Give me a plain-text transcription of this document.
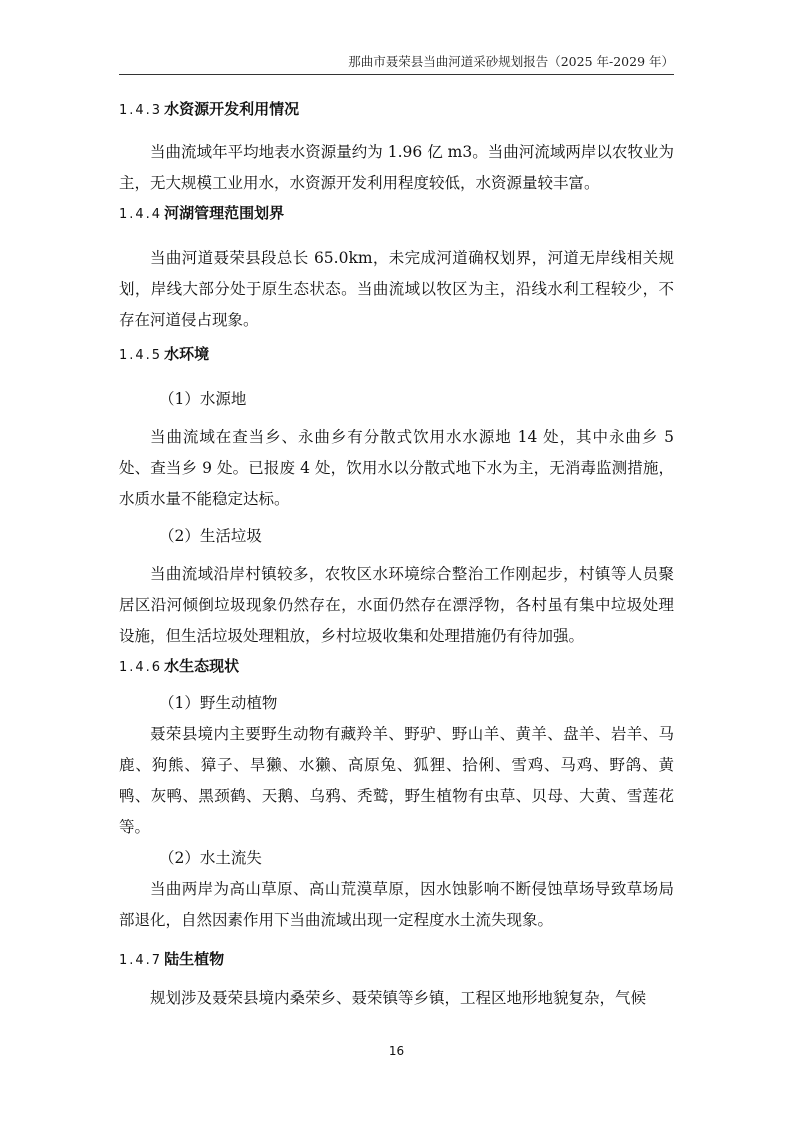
那曲市聂荣县当曲河道采砂规划报告（2025 年-2029 年）
1.4.3 水资源开发利用情况

当曲流域年平均地表水资源量约为 1.96 亿 m3。当曲河流域两岸以农牧业为主，无大规模工业用水，水资源开发利用程度较低，水资源量较丰富。

1.4.4 河湖管理范围划界

当曲河道聂荣县段总长 65.0km，未完成河道确权划界，河道无岸线相关规划，岸线大部分处于原生态状态。当曲流域以牧区为主，沿线水利工程较少，不存在河道侵占现象。

1.4.5 水环境
（1）水源地

当曲流域在查当乡、永曲乡有分散式饮用水水源地 14 处，其中永曲乡 5 处、查当乡 9 处。已报废 4 处，饮用水以分散式地下水为主，无消毒监测措施，水质水量不能稳定达标。

（2）生活垃圾

当曲流域沿岸村镇较多，农牧区水环境综合整治工作刚起步，村镇等人员聚居区沿河倾倒垃圾现象仍然存在，水面仍然存在漂浮物，各村虽有集中垃圾处理设施，但生活垃圾处理粗放，乡村垃圾收集和处理措施仍有待加强。

1.4.6 水生态现状
（1）野生动植物

聂荣县境内主要野生动物有藏羚羊、野驴、野山羊、黄羊、盘羊、岩羊、马鹿、狗熊、獐子、旱獭、水獭、高原兔、狐狸、拾俐、雪鸡、马鸡、野鸽、黄鸭、灰鸭、黑颈鹤、天鹅、乌鸦、秃鹫，野生植物有虫草、贝母、大黄、雪莲花等。

（2）水土流失

当曲两岸为高山草原、高山荒漠草原，因水蚀影响不断侵蚀草场导致草场局部退化，自然因素作用下当曲流域出现一定程度水土流失现象。

1.4.7 陆生植物

规划涉及聂荣县境内桑荣乡、聂荣镇等乡镇，工程区地形地貌复杂，气候

16
